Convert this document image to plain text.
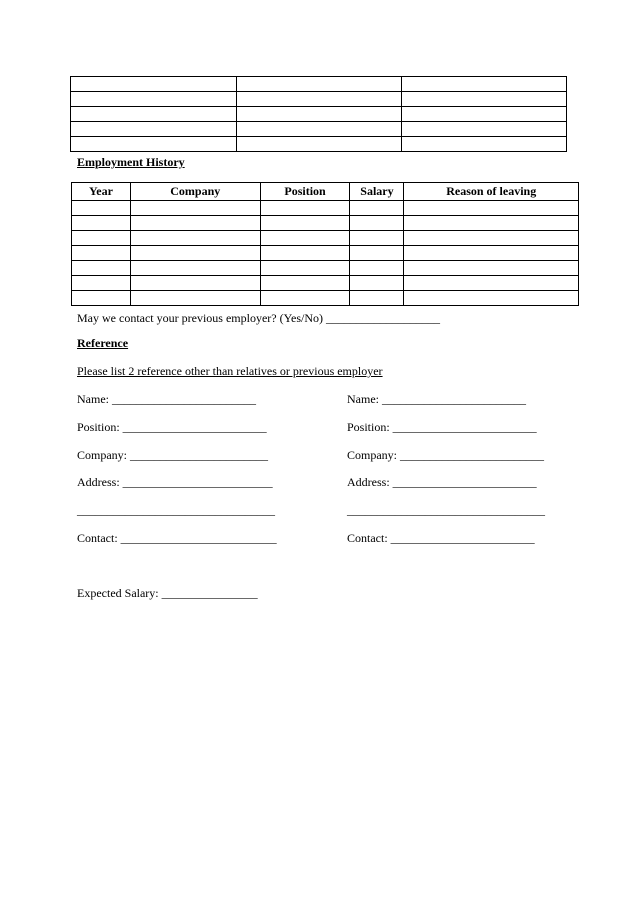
Employment History
Year	Company	Position	Salary	Reason of leaving

May we contact your previous employer? (Yes/No) ___________________
Reference
Please list 2 reference other than relatives or previous employer
Name: ________________________
Position: ________________________
Company: _______________________
Address: _________________________
_________________________________
Contact: __________________________
Name: ________________________
Position: ________________________
Company: ________________________
Address: ________________________
_________________________________
Contact: ________________________
Expected Salary: ________________
